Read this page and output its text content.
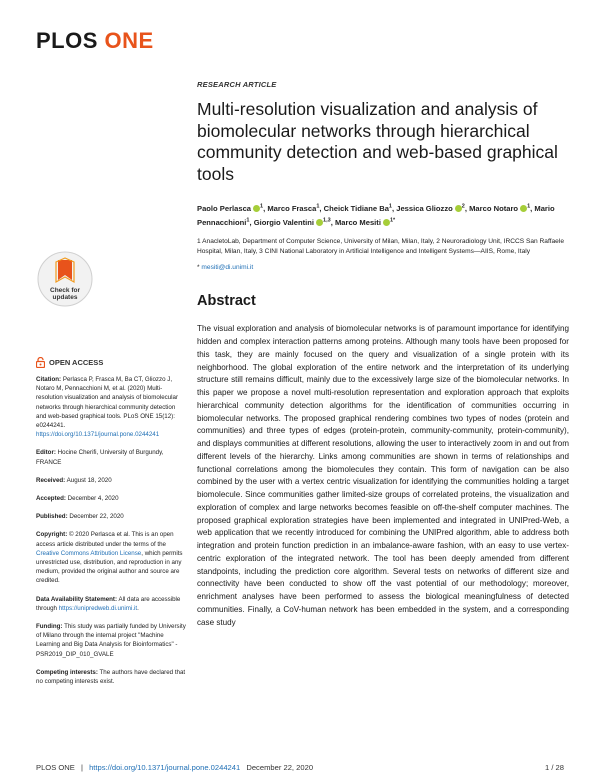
PLOS ONE
Check for
updates
OPEN ACCESS
Citation: Perlasca P, Frasca M, Ba CT, Gliozzo J, Notaro M, Pennacchioni M, et al. (2020) Multi-resolution visualization and analysis of biomolecular networks through hierarchical community detection and web-based graphical tools. PLoS ONE 15(12): e0244241. https://doi.org/10.1371/journal.pone.0244241
Editor: Hocine Cherifi, University of Burgundy, FRANCE
Received: August 18, 2020
Accepted: December 4, 2020
Published: December 22, 2020
Copyright: © 2020 Perlasca et al. This is an open access article distributed under the terms of the Creative Commons Attribution License, which permits unrestricted use, distribution, and reproduction in any medium, provided the original author and source are credited.
Data Availability Statement: All data are accessible through https://unipredweb.di.unimi.it.
Funding: This study was partially funded by University of Milano through the internal project "Machine Learning and Big Data Analysis for Bioinformatics" - PSR2019_DIP_010_GVALE
Competing interests: The authors have declared that no competing interests exist.
RESEARCH ARTICLE
Multi-resolution visualization and analysis of biomolecular networks through hierarchical community detection and web-based graphical tools
Paolo Perlasca $^1$, Marco Frasca$^1$, Cheick Tidiane Ba$^1$, Jessica Gliozzo $^2$, Marco Notaro $^1$, Mario Pennacchioni$^1$, Giorgio Valentini $^{1,3}$, Marco Mesiti $^{1*}$
1 AnacletoLab, Department of Computer Science, University of Milan, Milan, Italy, 2 Neuroradiology Unit, IRCCS San Raffaele Hospital, Milan, Italy, 3 CINI National Laboratory in Artificial Intelligence and Intelligent Systems—AIIS, Rome, Italy
* mesiti@di.unimi.it
Abstract

The visual exploration and analysis of biomolecular networks is of paramount importance for identifying hidden and complex interaction patterns among proteins. Although many tools have been proposed for this task, they are mainly focused on the query and visualization of a single protein with its neighborhood. The global exploration of the entire network and the interpretation of its underlying structure still remains difficult, mainly due to the excessively large size of the biomolecular networks. In this paper we propose a novel multi-resolution representation and exploration approach that exploits hierarchical community detection algorithms for the identification of communities occurring in biomolecular networks. The proposed graphical rendering combines two types of nodes (protein and communities) and three types of edges (protein-protein, community-community, protein-community), and displays communities at different resolutions, allowing the user to interactively zoom in and out from different levels of the hierarchy. Links among communities are shown in terms of relationships and functional correlations among the biomolecules they contain. This form of navigation can be also combined by the user with a vertex centric visualization for identifying the communities holding a target biomolecule. Since communities gather limited-size groups of correlated proteins, the visualization and exploration of complex and large networks becomes feasible on off-the-shelf computer machines. The proposed graphical exploration strategies have been implemented and integrated in UNIPred-Web, a web application that we recently introduced for combining the UNIPred algorithm, able to address both integration and protein function prediction in an imbalance-aware fashion, with an easy to use vertex-centric exploration of the integrated network. The tool has been deeply amended from different standpoints, including the prediction core algorithm. Several tests on networks of different size and connectivity have been conducted to show off the vast potential of our methodology; moreover, enrichment analyses have been performed to assess the biological meaningfulness of detected communities. Finally, a CoV-human network has been embedded in the system, and a corresponding case study

PLOS ONE | https://doi.org/10.1371/journal.pone.0244241 December 22, 2020	1 / 28
